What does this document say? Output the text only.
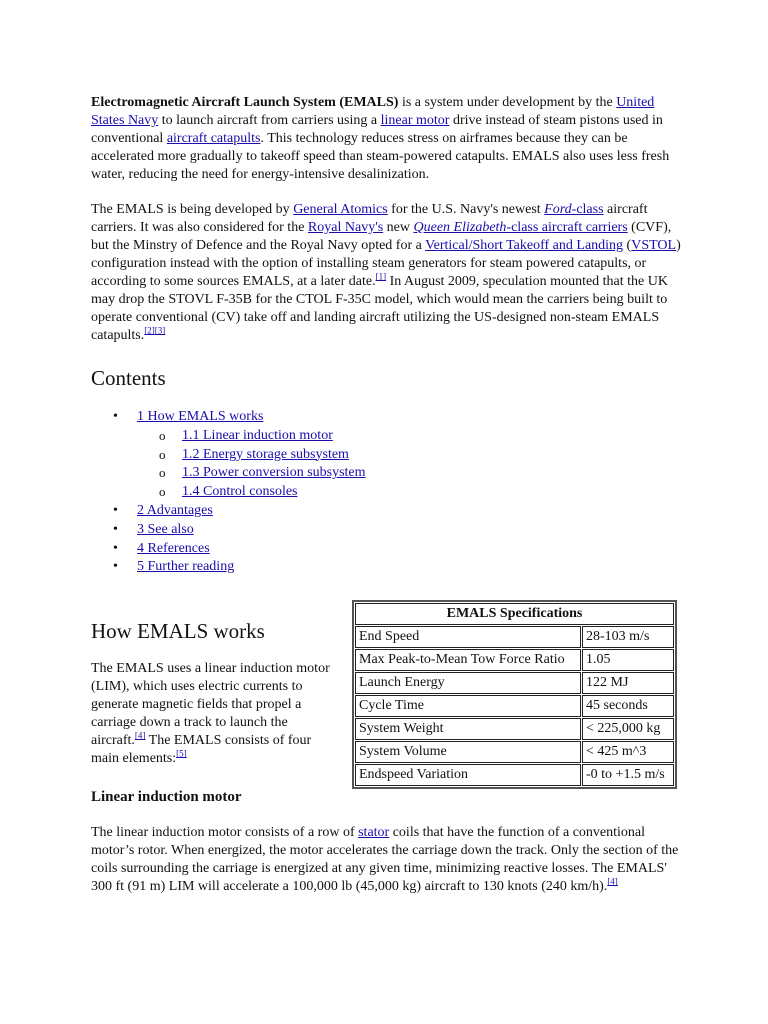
Electromagnetic Aircraft Launch System (EMALS) is a system under development by the United States Navy to launch aircraft from carriers using a linear motor drive instead of steam pistons used in conventional aircraft catapults. This technology reduces stress on airframes because they can be accelerated more gradually to takeoff speed than steam-powered catapults. EMALS also uses less fresh water, reducing the need for energy-intensive desalinization.

The EMALS is being developed by General Atomics for the U.S. Navy's newest Ford-class aircraft carriers. It was also considered for the Royal Navy's new Queen Elizabeth-class aircraft carriers (CVF), but the Minstry of Defence and the Royal Navy opted for a Vertical/Short Takeoff and Landing (VSTOL) configuration instead with the option of installing steam generators for steam powered catapults, or according to some sources EMALS, at a later date.[1] In August 2009, speculation mounted that the UK may drop the STOVL F-35B for the CTOL F-35C model, which would mean the carriers being built to operate conventional (CV) take off and landing aircraft utilizing the US-designed non-steam EMALS catapults.[2][3]

Contents
• 1 How EMALS works
o 1.1 Linear induction motor
o 1.2 Energy storage subsystem
o 1.3 Power conversion subsystem
o 1.4 Control consoles
• 2 Advantages
• 3 See also
• 4 References
• 5 Further reading
How EMALS works
EMALS Specifications	
End Speed	28-103 m/s
Max Peak-to-Mean Tow Force Ratio	1.05
Launch Energy	122 MJ
Cycle Time	45 seconds
System Weight	< 225,000 kg
System Volume	< 425 m^3
Endspeed Variation	-0 to +1.5 m/s

The EMALS uses a linear induction motor (LIM), which uses electric currents to generate magnetic fields that propel a carriage down a track to launch the aircraft.[4] The EMALS consists of four main elements:[5]

Linear induction motor

The linear induction motor consists of a row of stator coils that have the function of a conventional motor’s rotor. When energized, the motor accelerates the carriage down the track. Only the section of the coils surrounding the carriage is energized at any given time, minimizing reactive losses. The EMALS' 300 ft (91 m) LIM will accelerate a 100,000 lb (45,000 kg) aircraft to 130 knots (240 km/h).[4]
